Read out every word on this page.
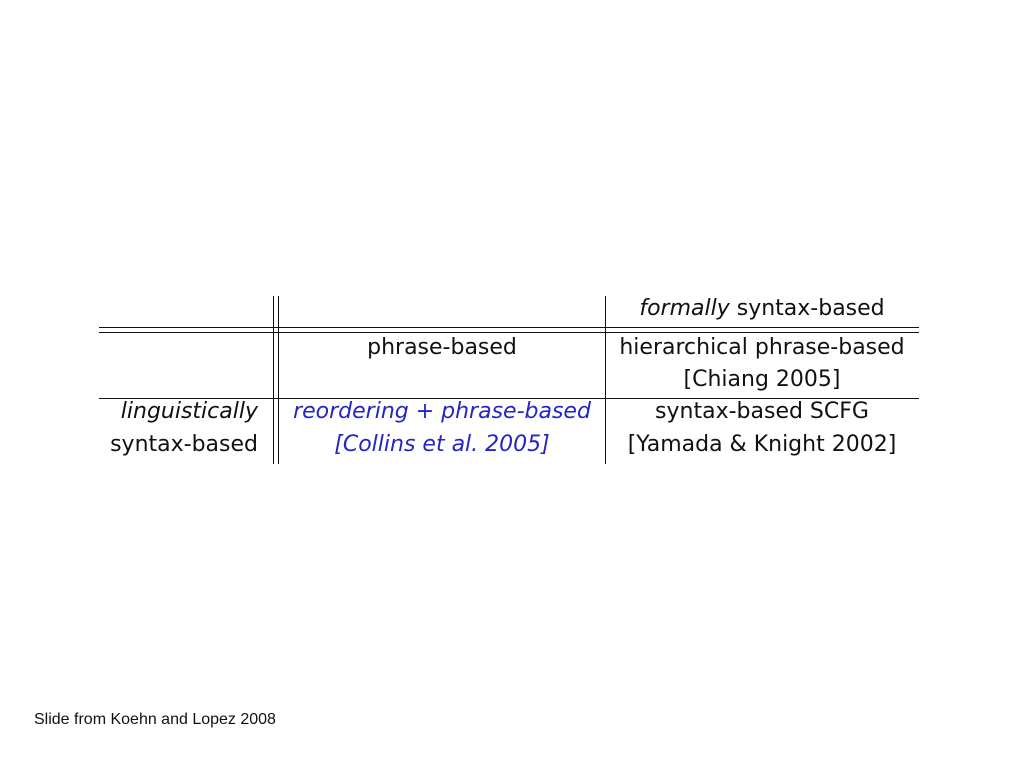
formally syntax-based
phrase-based	hierarchical phrase-based
[Chiang 2005]
linguistically
syntax-based
reordering + phrase-based
[Collins et al. 2005]
syntax-based SCFG
[Yamada & Knight 2002]
Slide from Koehn and Lopez 2008
